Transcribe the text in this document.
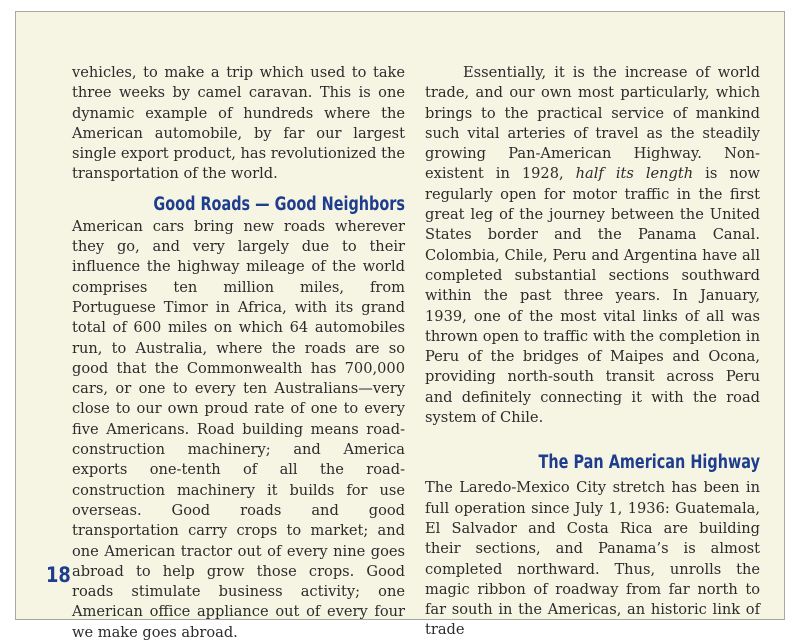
vehicles, to make a trip which used to take three weeks by camel caravan. This is one dynamic example of hundreds where the American automobile, by far our largest single export product, has revolutionized the transportation of the world.

Good Roads — Good Neighbors

American cars bring new roads wherever they go, and very largely due to their influence the highway mileage of the world comprises ten million miles, from Portuguese Timor in Africa, with its grand total of 600 miles on which 64 automobiles run, to Australia, where the roads are so good that the Commonwealth has 700,000 cars, or one to every ten Australians—very close to our own proud rate of one to every five Americans. Road building means road-construction machinery; and America exports one-tenth of all the road-construction machinery it builds for use overseas. Good roads and good transportation carry crops to market; and one American tractor out of every nine goes abroad to help grow those crops. Good roads stimulate business activity; one American office appliance out of every four we make goes abroad.

Essentially, it is the increase of world trade, and our own most particularly, which brings to the practical service of mankind such vital arteries of travel as the steadily growing Pan-American Highway. Non-existent in 1928, half its length is now regularly open for motor traffic in the first great leg of the journey between the United States border and the Panama Canal. Colombia, Chile, Peru and Argentina have all completed substantial sections southward within the past three years. In January, 1939, one of the most vital links of all was thrown open to traffic with the completion in Peru of the bridges of Maipes and Ocona, providing north-south transit across Peru and definitely connecting it with the road system of Chile.

The Pan American Highway

The Laredo-Mexico City stretch has been in full operation since July 1, 1936: Guatemala, El Salvador and Costa Rica are building their sections, and Panama’s is almost completed northward. Thus, unrolls the magic ribbon of roadway from far north to far south in the Americas, an historic link of trade

18
